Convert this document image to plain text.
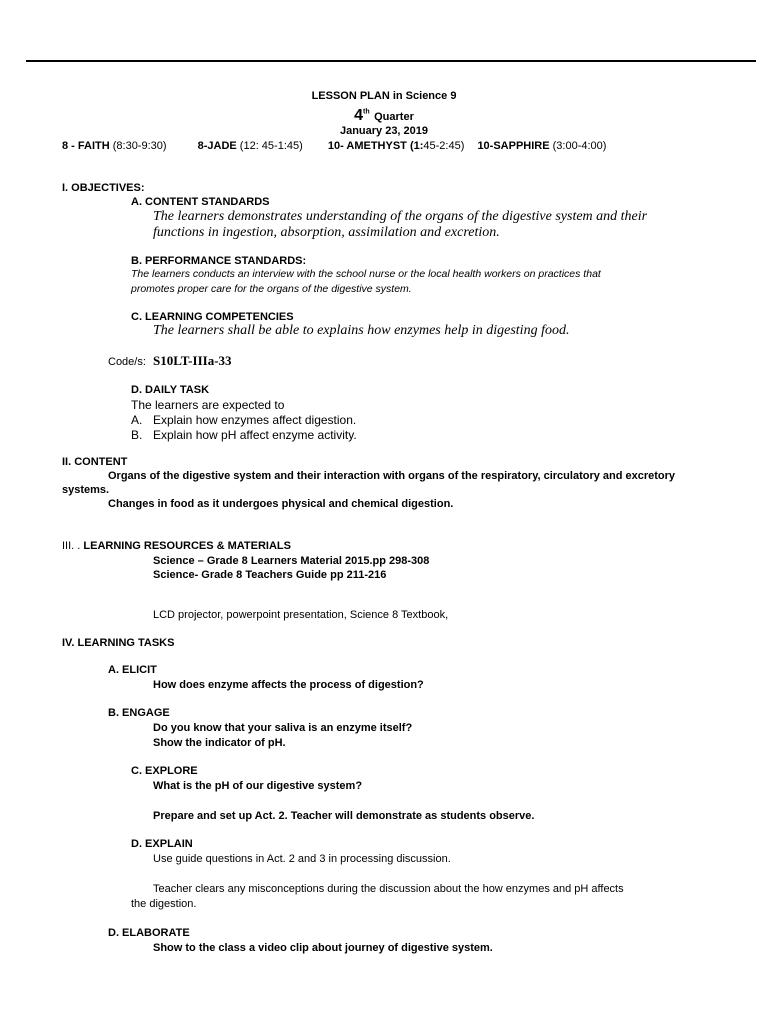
LESSON PLAN in Science 9
4th Quarter
January 23, 2019
8 - FAITH (8:30-9:30)	8-JADE (12: 45-1:45) 10- AMETHYST (1:45-2:45) 10-SAPPHIRE (3:00-4:00)
I. OBJECTIVES:
A. CONTENT STANDARDS
The learners demonstrates understanding of the organs of the digestive system and their
functions in ingestion, absorption, assimilation and excretion.
B. PERFORMANCE STANDARDS:
The learners conducts an interview with the school nurse or the local health workers on practices that
promotes proper care for the organs of the digestive system.
C. LEARNING COMPETENCIES
The learners shall be able to explains how enzymes help in digesting food.
Code/s: S10LT-IIIa-33
D. DAILY TASK
The learners are expected to
A. Explain how enzymes affect digestion.
B. Explain how pH affect enzyme activity.
II. CONTENT
Organs of the digestive system and their interaction with organs of the respiratory, circulatory and excretory
systems.
Changes in food as it undergoes physical and chemical digestion.
III. . LEARNING RESOURCES & MATERIALS
Science – Grade 8 Learners Material 2015.pp 298-308
Science- Grade 8 Teachers Guide pp 211-216
LCD projector, powerpoint presentation, Science 8 Textbook,
IV. LEARNING TASKS
A. ELICIT
How does enzyme affects the process of digestion?
B. ENGAGE
Do you know that your saliva is an enzyme itself?
Show the indicator of pH.
C. EXPLORE
What is the pH of our digestive system?
Prepare and set up Act. 2. Teacher will demonstrate as students observe.
D. EXPLAIN
Use guide questions in Act. 2 and 3 in processing discussion.
Teacher clears any misconceptions during the discussion about the how enzymes and pH affects
the digestion.
D. ELABORATE
Show to the class a video clip about journey of digestive system.
